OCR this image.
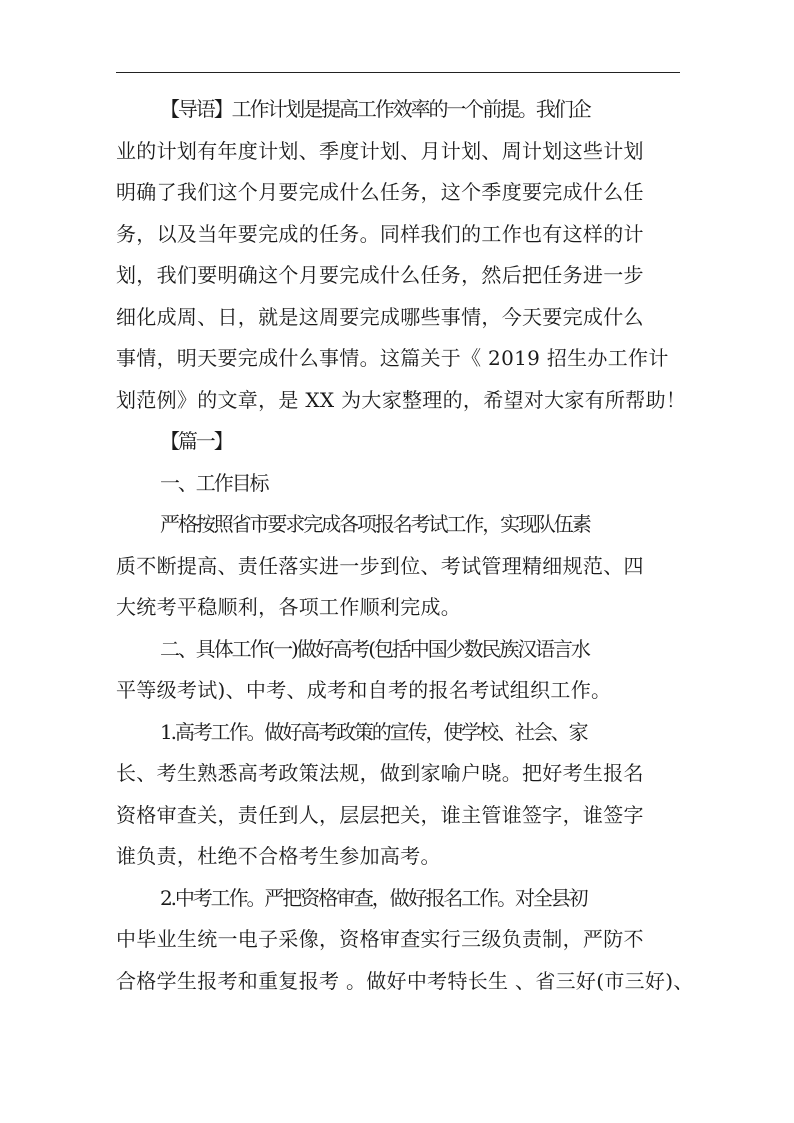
【导语】工作计划是提高工作效率的一个前提。我们企
业的计划有年度计划、季度计划、月计划、周计划这些计划
明确了我们这个月要完成什么任务，这个季度要完成什么任
务，以及当年要完成的任务。同样我们的工作也有这样的计
划，我们要明确这个月要完成什么任务，然后把任务进一步
细化成周、日，就是这周要完成哪些事情，今天要完成什么
事情，明天要完成什么事情。这篇关于《 2019 招生办工作计
划范例》的文章，是 XX 为大家整理的，希望对大家有所帮助！
【篇一】
一、工作目标
严格按照省市要求完成各项报名考试工作，实现队伍素
质不断提高、责任落实进一步到位、考试管理精细规范、四
大统考平稳顺利，各项工作顺利完成。
二、具体工作(一)做好高考(包括中国少数民族汉语言水
平等级考试)、中考、成考和自考的报名考试组织工作。
1.高考工作。做好高考政策的宣传，使学校、社会、家
长、考生熟悉高考政策法规，做到家喻户晓。把好考生报名
资格审查关，责任到人，层层把关，谁主管谁签字，谁签字
谁负责，杜绝不合格考生参加高考。
2.中考工作。严把资格审查，做好报名工作。对全县初
中毕业生统一电子采像，资格审查实行三级负责制，严防不
合格学生报考和重复报考 。做好中考特长生 、省三好(市三好)、
